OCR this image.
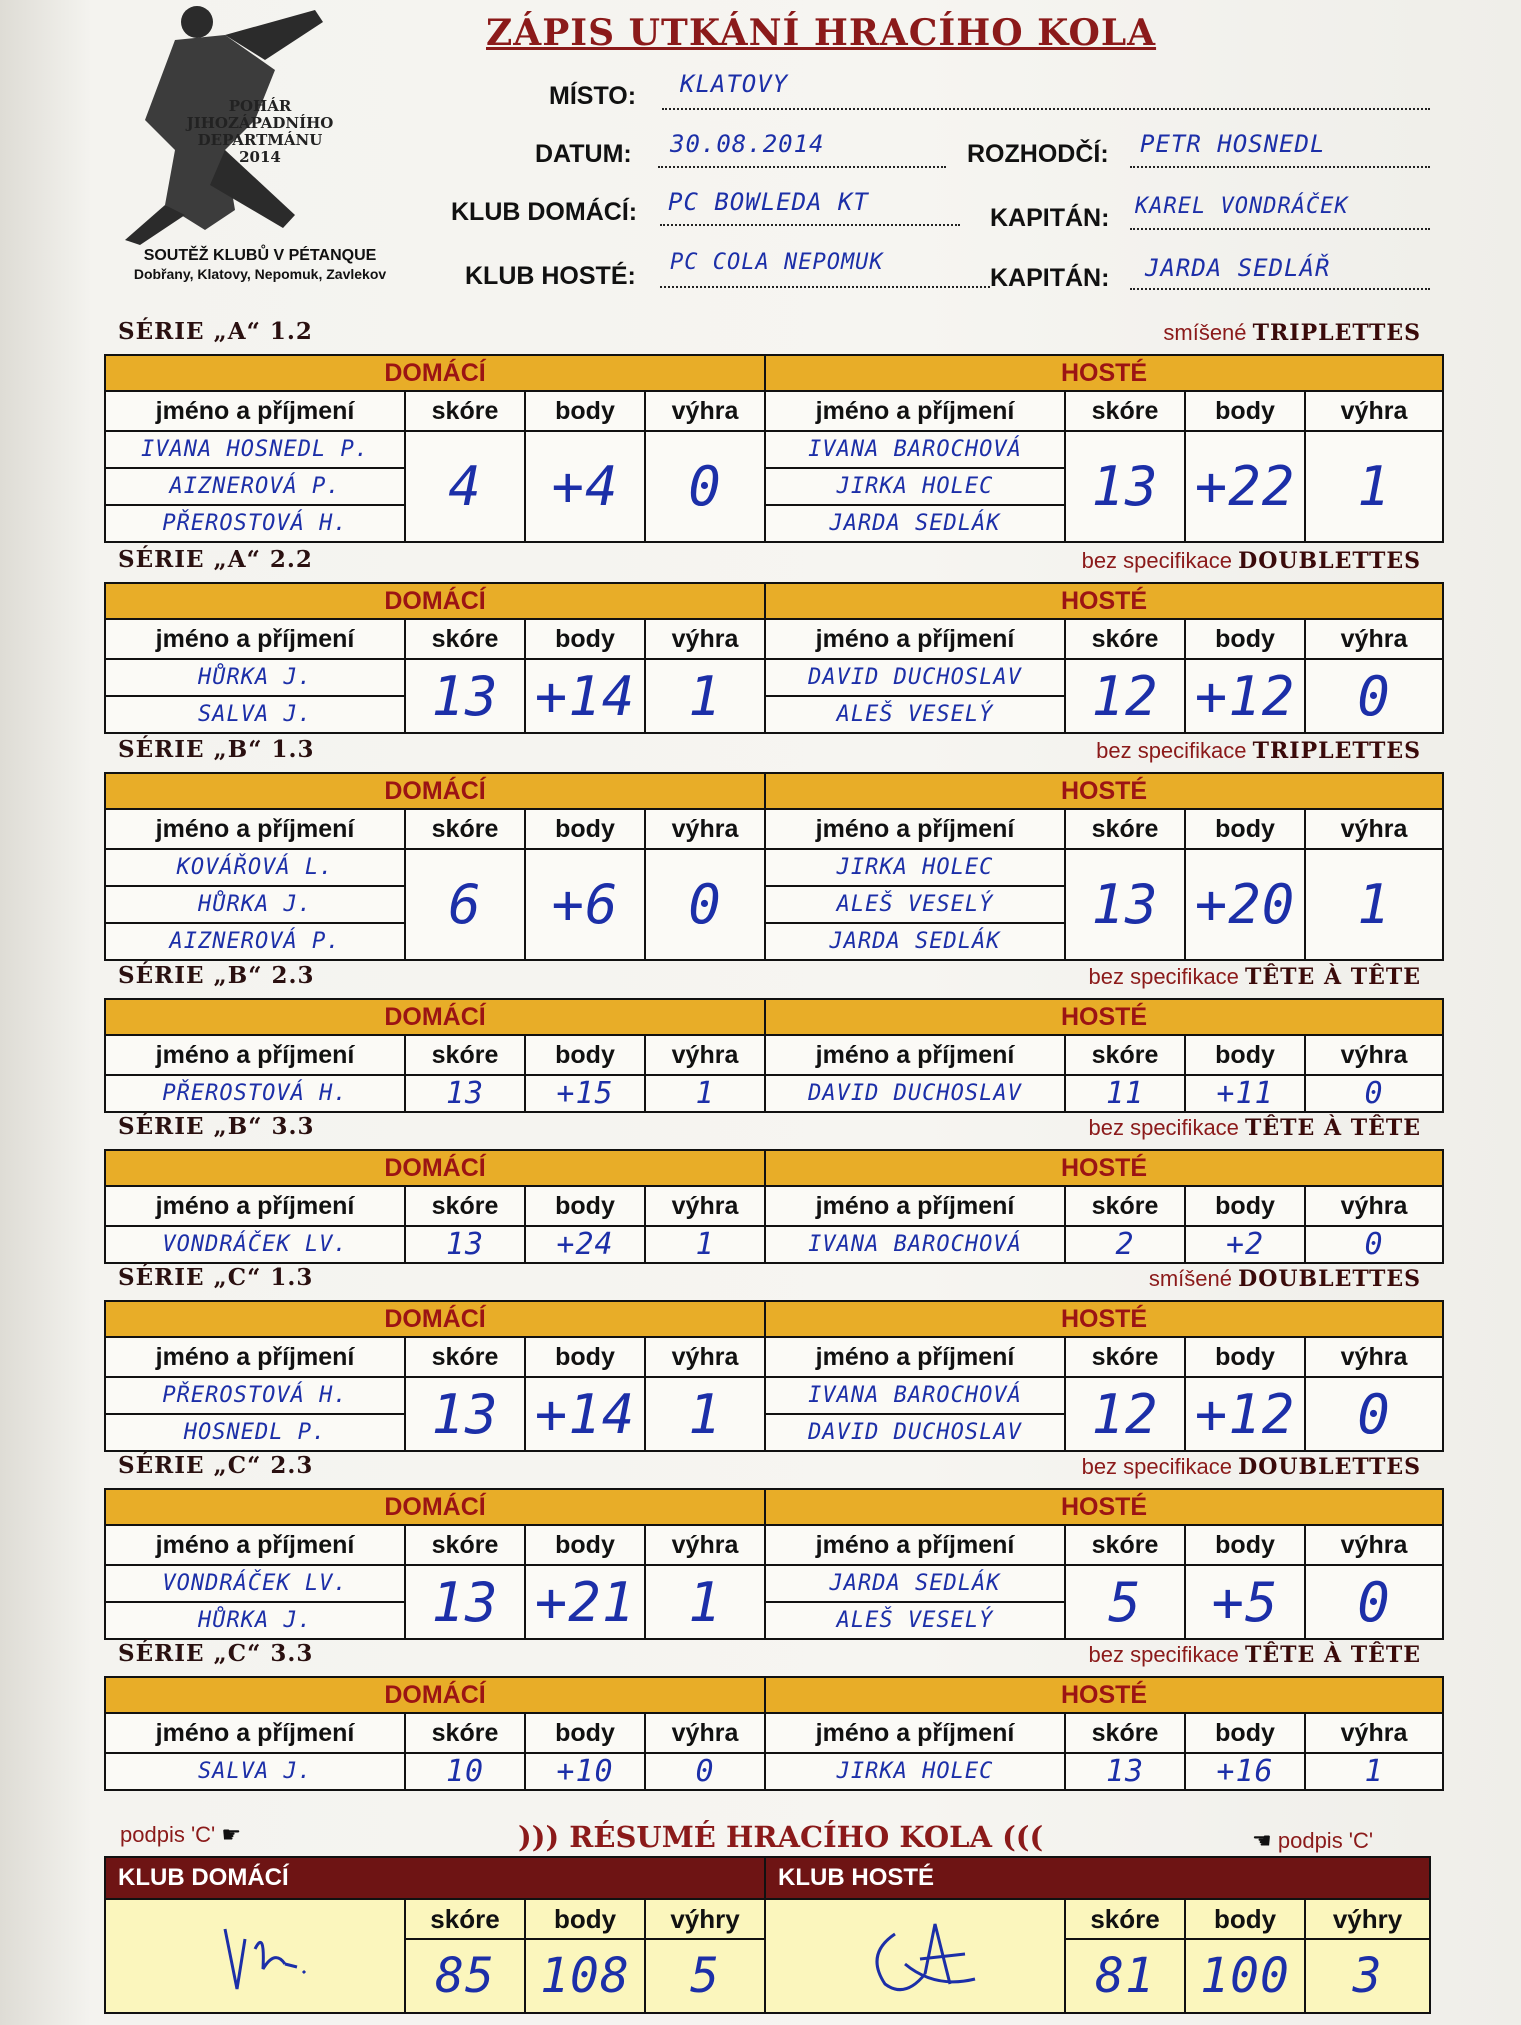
POHÁR
JIHOZÁPADNÍHO
DEPARTMÁNU
2014
SOUTĚŽ KLUBŮ V PÉTANQUE
Dobřany, Klatovy, Nepomuk, Zavlekov
ZÁPIS UTKÁNÍ HRACÍHO KOLA
MÍSTO: KLATOVY
DATUM: 30.08.2014	ROZHODČÍ: PETR HOSNEDL
KLUB DOMÁCÍ: PC BOWLEDA KT
KAPITÁN: KAREL VONDRÁČEK
KLUB HOSTÉ: PC COLA NEPOMUK
KAPITÁN: JARDA SEDLÁŘ
SÉRIE „A“ 1.2	smíšené TRIPLETTES
DOMÁCÍ				HOSTÉ			
jméno a příjmení	skóre	body	výhra	jméno a příjmení	skóre	body	výhra
IVANA HOSNEDL P.	4	+4	0	IVANA BAROCHOVÁ	13	+22	1
AIZNEROVÁ P.				JIRKA HOLEC			
PŘEROSTOVÁ H.				JARDA SEDLÁK			
SÉRIE „A“ 2.2	bez specifikace DOUBLETTES
DOMÁCÍ				HOSTÉ			
jméno a příjmení	skóre	body	výhra	jméno a příjmení	skóre	body	výhra
HŮRKA J.	13	+14	1	DAVID DUCHOSLAV	12	+12	0
SALVA J.				ALEŠ VESELÝ			
SÉRIE „B“ 1.3	bez specifikace TRIPLETTES
DOMÁCÍ				HOSTÉ			
jméno a příjmení	skóre	body	výhra	jméno a příjmení	skóre	body	výhra
KOVÁŘOVÁ L.	6	+6	0	JIRKA HOLEC	13	+20	1
HŮRKA J.				ALEŠ VESELÝ			
AIZNEROVÁ P.				JARDA SEDLÁK			
SÉRIE „B“ 2.3	bez specifikace TÊTE À TÊTE
DOMÁCÍ				HOSTÉ			
jméno a příjmení	skóre	body	výhra	jméno a příjmení	skóre	body	výhra
PŘEROSTOVÁ H.	13	+15	1	DAVID DUCHOSLAV	11	+11	0
SÉRIE „B“ 3.3	bez specifikace TÊTE À TÊTE
DOMÁCÍ				HOSTÉ			
jméno a příjmení	skóre	body	výhra	jméno a příjmení	skóre	body	výhra
VONDRÁČEK LV.	13	+24	1	IVANA BAROCHOVÁ	2	+2	0
SÉRIE „C“ 1.3	smíšené DOUBLETTES
DOMÁCÍ				HOSTÉ			
jméno a příjmení	skóre	body	výhra	jméno a příjmení	skóre	body	výhra
PŘEROSTOVÁ H.	13	+14	1	IVANA BAROCHOVÁ	12	+12	0
HOSNEDL P.				DAVID DUCHOSLAV			
SÉRIE „C“ 2.3	bez specifikace DOUBLETTES
DOMÁCÍ				HOSTÉ			
jméno a příjmení	skóre	body	výhra	jméno a příjmení	skóre	body	výhra
VONDRÁČEK LV.	13	+21	1	JARDA SEDLÁK	5	+5	0
HŮRKA J.				ALEŠ VESELÝ			
SÉRIE „C“ 3.3	bez specifikace TÊTE À TÊTE
DOMÁCÍ				HOSTÉ			
jméno a příjmení	skóre	body	výhra	jméno a příjmení	skóre	body	výhra
SALVA J.	10	+10	0	JIRKA HOLEC	13	+16	1
podpis 'C' ☛	))) RÉSUMÉ HRACÍHO KOLA (((	☛ podpis 'C'
KLUB DOMÁCÍ				KLUB HOSTÉ			
	skóre	body	výhry		skóre	body	výhry
	85	108	5		81	100	3
